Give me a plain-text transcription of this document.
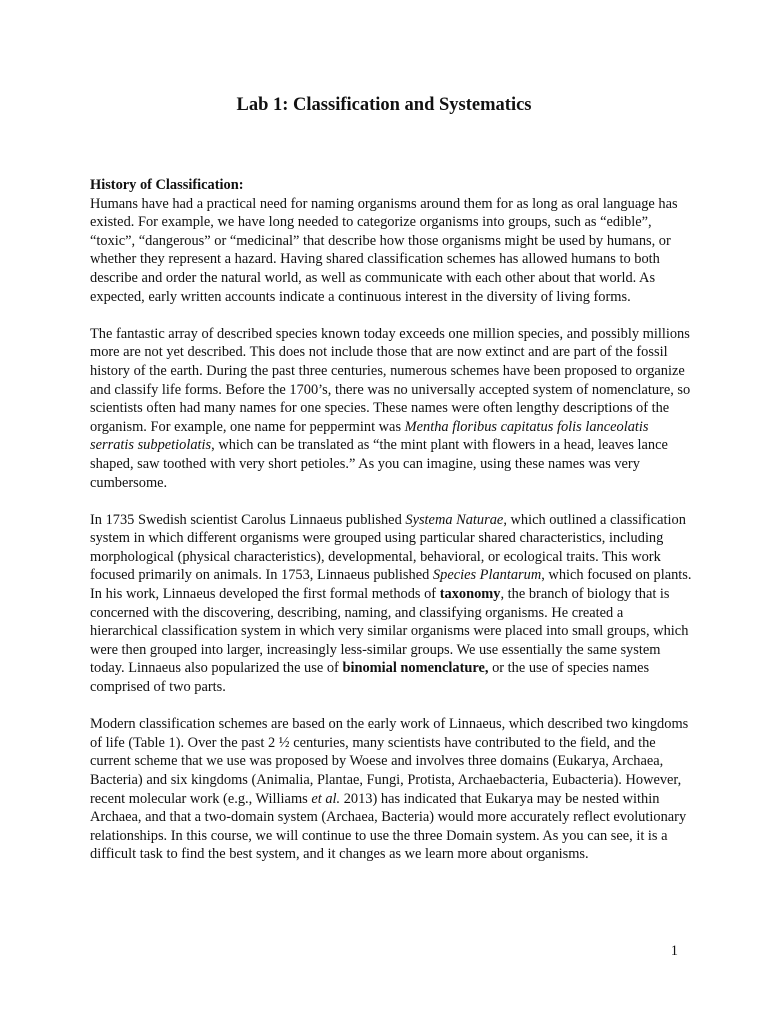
Lab 1: Classification and Systematics

History of Classification:
Humans have had a practical need for naming organisms around them for as long as oral language has existed. For example, we have long needed to categorize organisms into groups, such as “edible”, “toxic”, “dangerous” or “medicinal” that describe how those organisms might be used by humans, or whether they represent a hazard. Having shared classification schemes has allowed humans to both describe and order the natural world, as well as communicate with each other about that world. As expected, early written accounts indicate a continuous interest in the diversity of living forms.

The fantastic array of described species known today exceeds one million species, and possibly millions more are not yet described. This does not include those that are now extinct and are part of the fossil history of the earth. During the past three centuries, numerous schemes have been proposed to organize and classify life forms. Before the 1700’s, there was no universally accepted system of nomenclature, so scientists often had many names for one species. These names were often lengthy descriptions of the organism. For example, one name for peppermint was Mentha floribus capitatus folis lanceolatis serratis subpetiolatis, which can be translated as “the mint plant with flowers in a head, leaves lance shaped, saw toothed with very short petioles.” As you can imagine, using these names was very cumbersome.

In 1735 Swedish scientist Carolus Linnaeus published Systema Naturae, which outlined a classification system in which different organisms were grouped using particular shared characteristics, including morphological (physical characteristics), developmental, behavioral, or ecological traits. This work focused primarily on animals. In 1753, Linnaeus published Species Plantarum, which focused on plants. In his work, Linnaeus developed the first formal methods of taxonomy, the branch of biology that is concerned with the discovering, describing, naming, and classifying organisms. He created a hierarchical classification system in which very similar organisms were placed into small groups, which were then grouped into larger, increasingly less-similar groups. We use essentially the same system today. Linnaeus also popularized the use of binomial nomenclature, or the use of species names comprised of two parts.

Modern classification schemes are based on the early work of Linnaeus, which described two kingdoms of life (Table 1). Over the past 2 ½ centuries, many scientists have contributed to the field, and the current scheme that we use was proposed by Woese and involves three domains (Eukarya, Archaea, Bacteria) and six kingdoms (Animalia, Plantae, Fungi, Protista, Archaebacteria, Eubacteria). However, recent molecular work (e.g., Williams et al. 2013) has indicated that Eukarya may be nested within Archaea, and that a two-domain system (Archaea, Bacteria) would more accurately reflect evolutionary relationships. In this course, we will continue to use the three Domain system. As you can see, it is a difficult task to find the best system, and it changes as we learn more about organisms.

1
